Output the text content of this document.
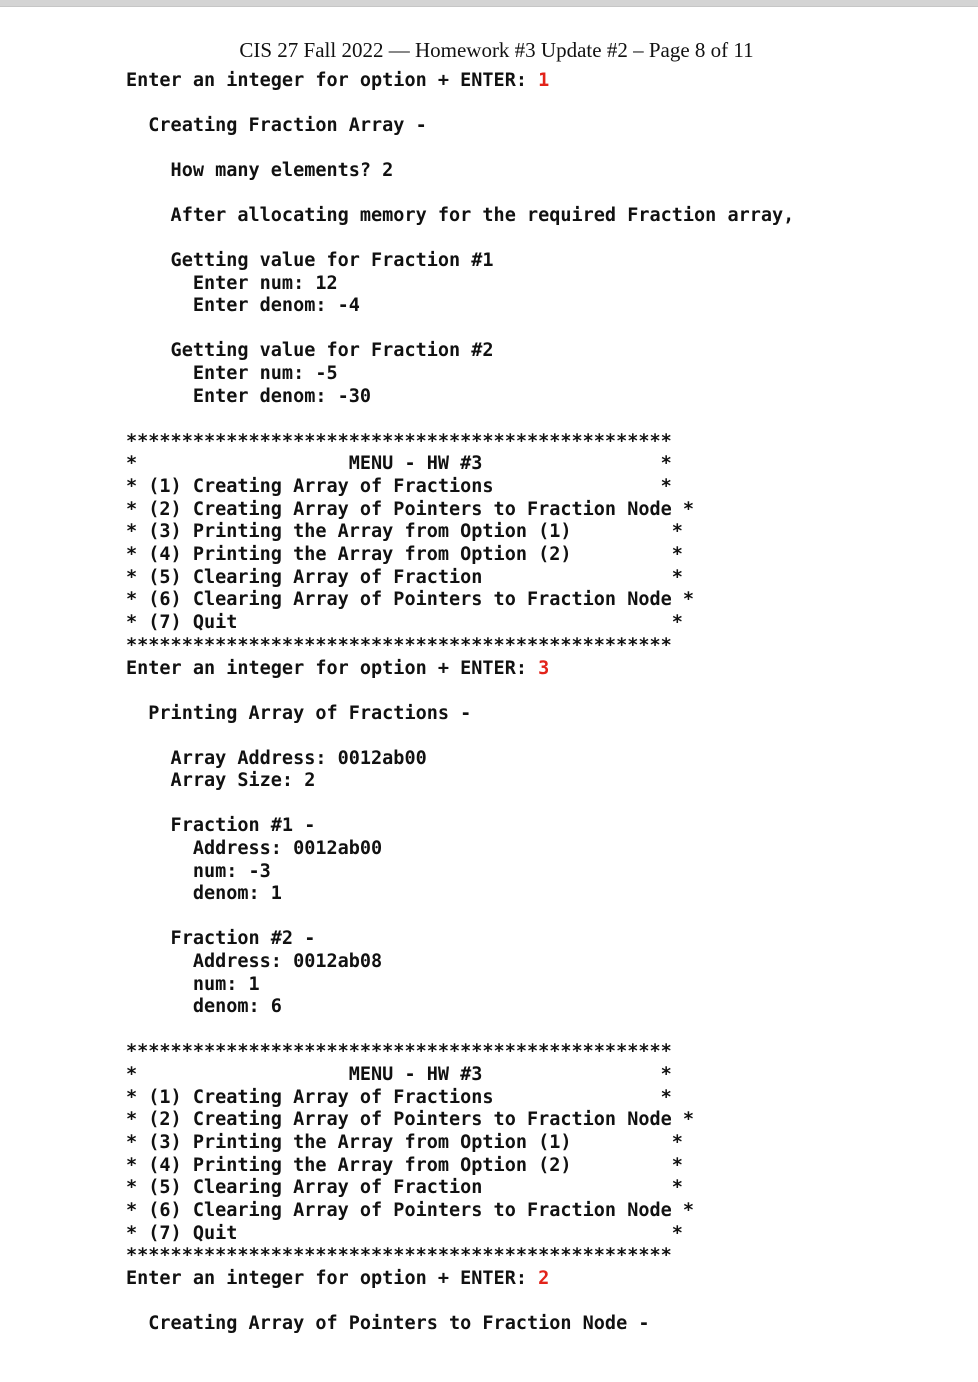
CIS 27 Fall 2022 — Homework #3 Update #2 – Page 8 of 11
Enter an integer for option + ENTER: 1
Creating Fraction Array -
How many elements? 2
After allocating memory for the required Fraction array,
Getting value for Fraction #1
Enter num: 12
Enter denom: -4
Getting value for Fraction #2
Enter num: -5
Enter denom: -30
*************************************************
*                   MENU - HW #3                *
* (1) Creating Array of Fractions               *
* (2) Creating Array of Pointers to Fraction Node *
* (3) Printing the Array from Option (1)         *
* (4) Printing the Array from Option (2)         *
* (5) Clearing Array of Fraction                 *
* (6) Clearing Array of Pointers to Fraction Node *
* (7) Quit                                       *
*************************************************
Enter an integer for option + ENTER: 3
Printing Array of Fractions -
Array Address: 0012ab00
Array Size: 2
Fraction #1 -
Address: 0012ab00
num: -3
denom: 1
Fraction #2 -
Address: 0012ab08
num: 1
denom: 6
*************************************************
*                   MENU - HW #3                *
* (1) Creating Array of Fractions               *
* (2) Creating Array of Pointers to Fraction Node *
* (3) Printing the Array from Option (1)         *
* (4) Printing the Array from Option (2)         *
* (5) Clearing Array of Fraction                 *
* (6) Clearing Array of Pointers to Fraction Node *
* (7) Quit                                       *
*************************************************
Enter an integer for option + ENTER: 2
Creating Array of Pointers to Fraction Node -
